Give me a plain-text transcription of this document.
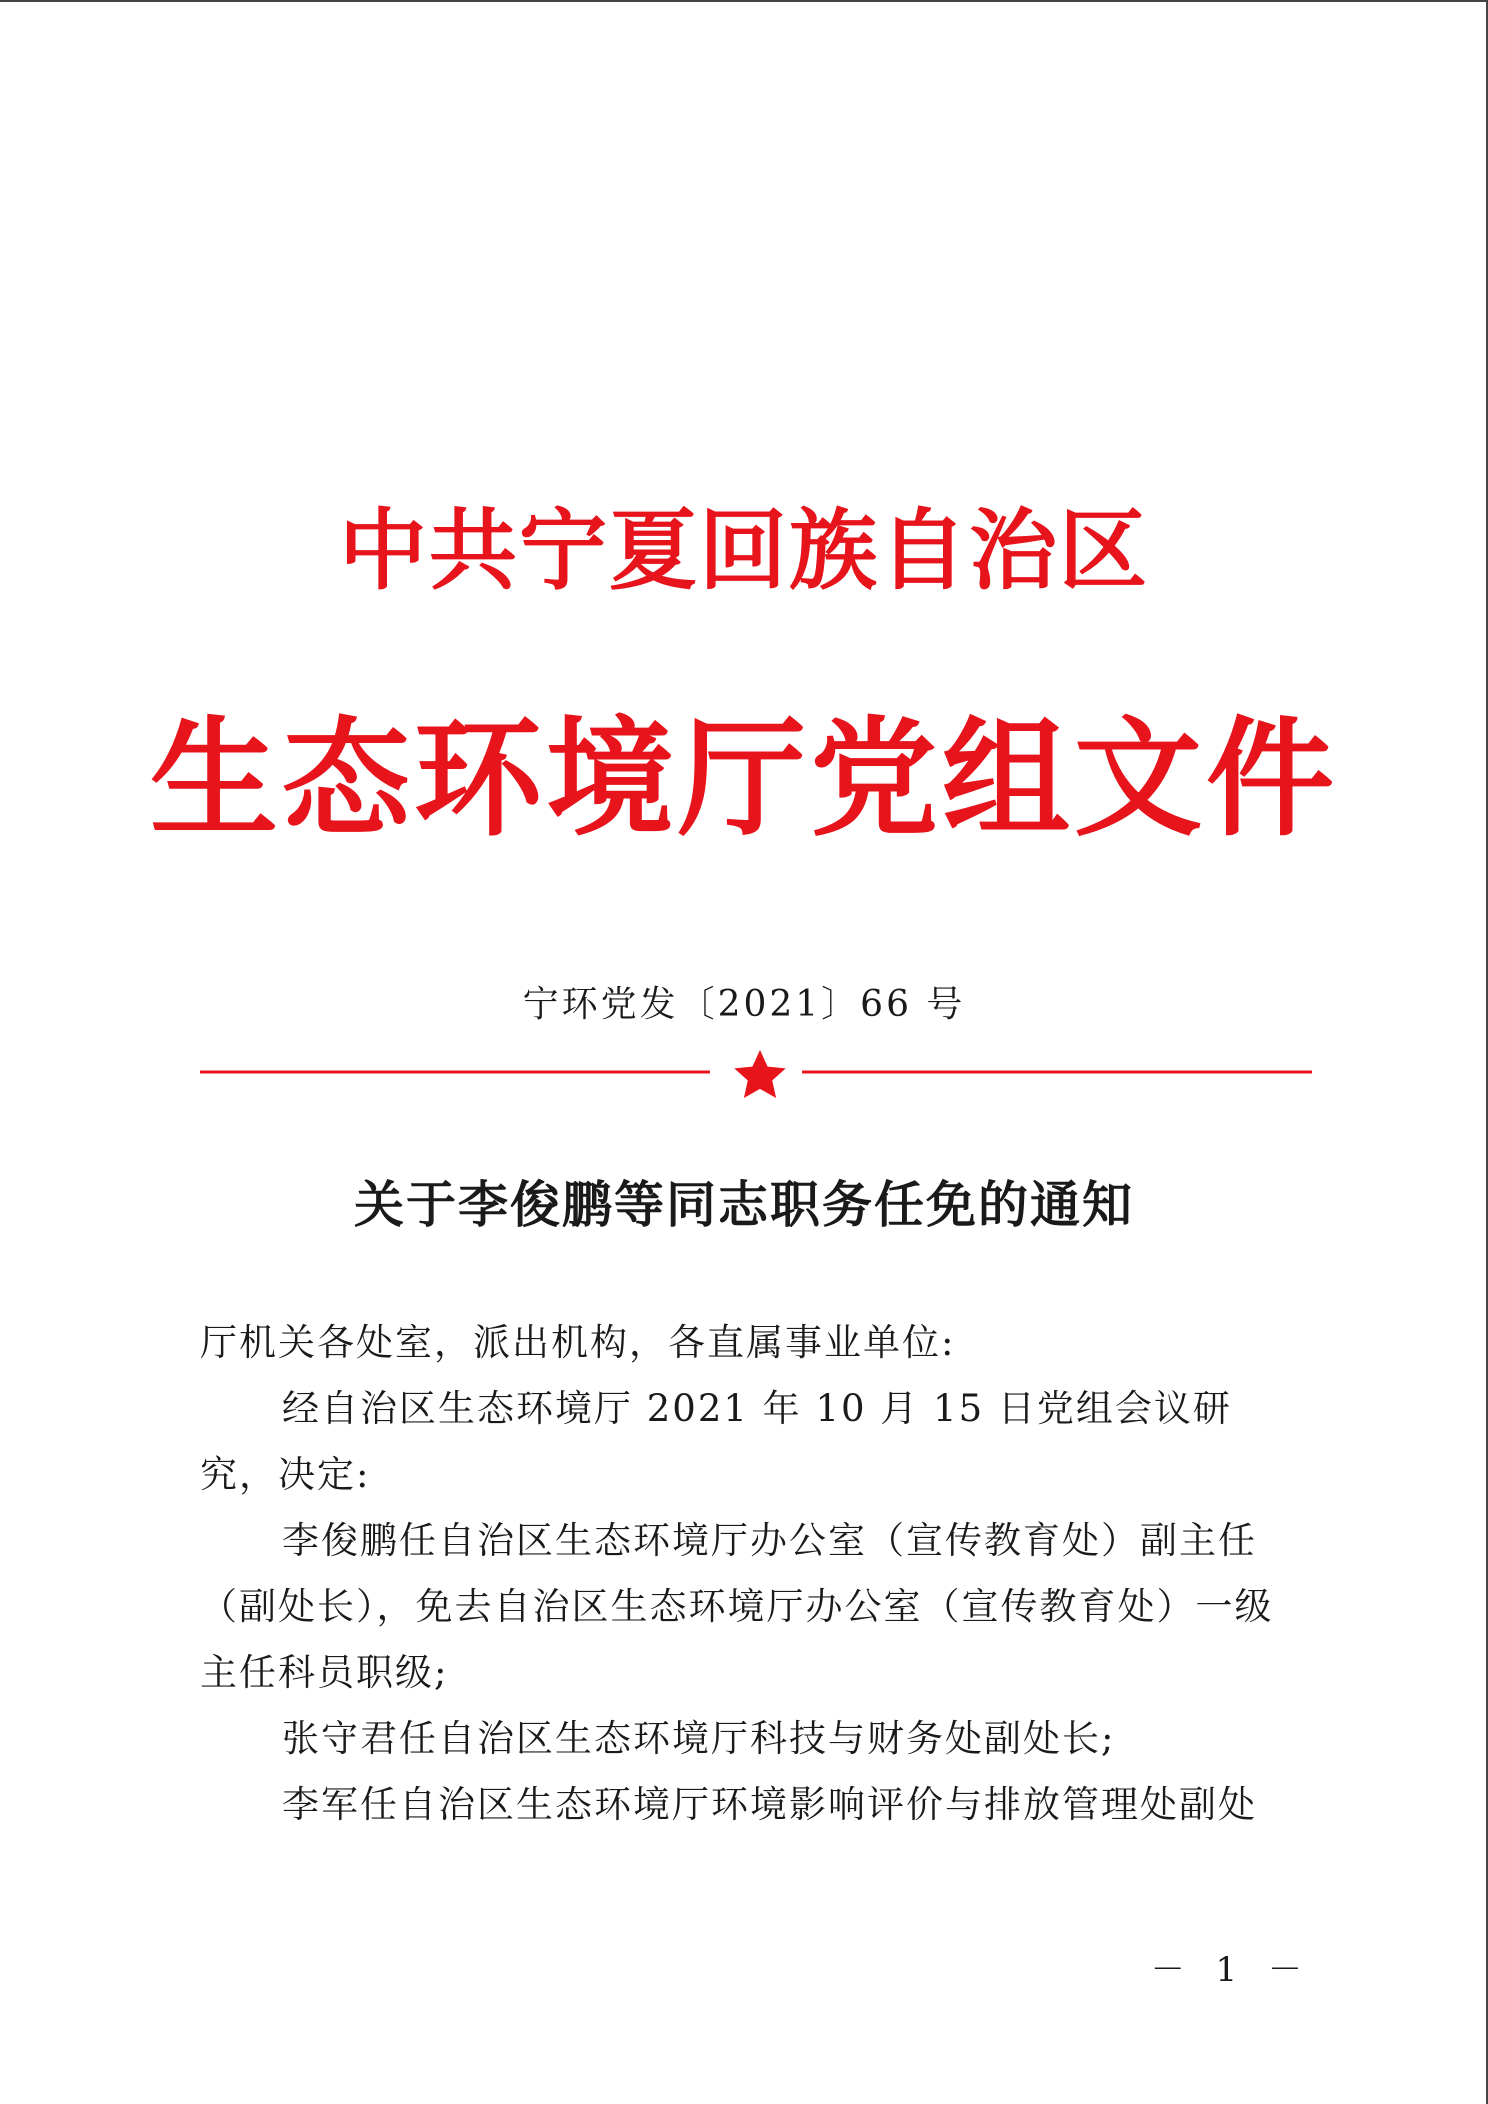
中共宁夏回族自治区
生态环境厅党组文件
宁环党发〔2021〕66 号
关于李俊鹏等同志职务任免的通知

厅机关各处室，派出机构，各直属事业单位:

经自治区生态环境厅 2021 年 10 月 15 日党组会议研究，决定:

李俊鹏任自治区生态环境厅办公室（宣传教育处）副主任（副处长），免去自治区生态环境厅办公室（宣传教育处）一级主任科员职级;

张守君任自治区生态环境厅科技与财务处副处长;

李军任自治区生态环境厅环境影响评价与排放管理处副处

－ 1 －
